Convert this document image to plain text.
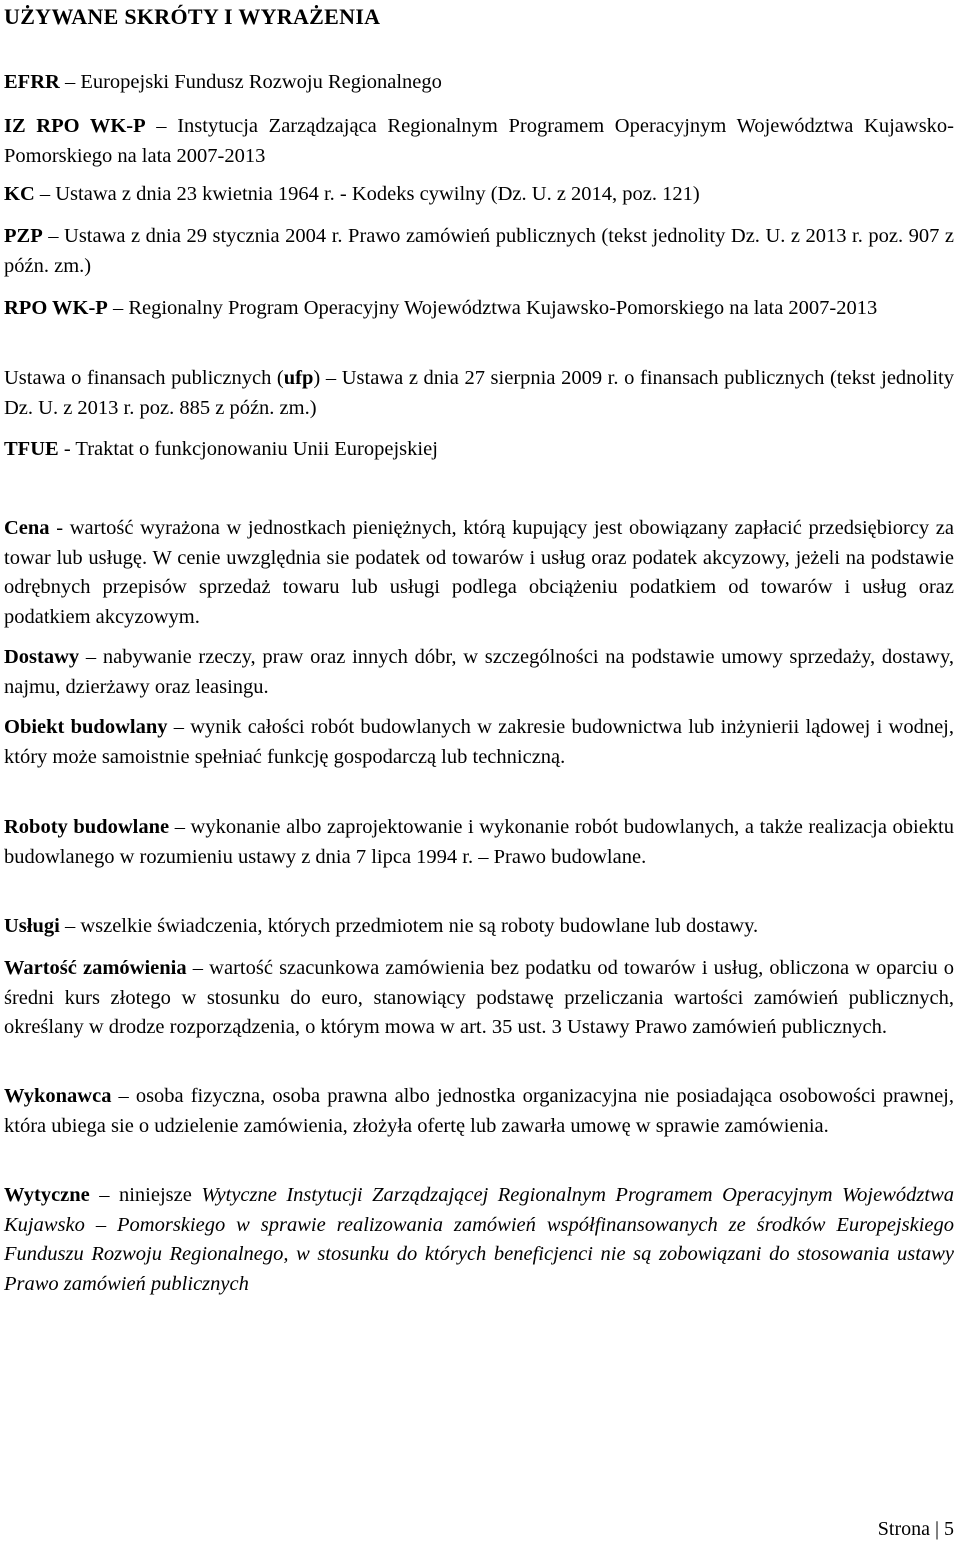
UŻYWANE SKRÓTY I WYRAŻENIA

EFRR – Europejski Fundusz Rozwoju Regionalnego

IZ RPO WK-P – Instytucja Zarządzająca Regionalnym Programem Operacyjnym Województwa Kujawsko-Pomorskiego na lata 2007-2013

KC – Ustawa z dnia 23 kwietnia 1964 r. - Kodeks cywilny (Dz. U. z 2014, poz. 121)

PZP – Ustawa z dnia 29 stycznia 2004 r. Prawo zamówień publicznych (tekst jednolity Dz. U. z 2013 r. poz. 907 z późn. zm.)

RPO WK-P – Regionalny Program Operacyjny Województwa Kujawsko-Pomorskiego na lata 2007-2013

Ustawa o finansach publicznych (ufp) – Ustawa z dnia 27 sierpnia 2009 r. o finansach publicznych (tekst jednolity Dz. U. z 2013 r. poz. 885 z późn. zm.)

TFUE - Traktat o funkcjonowaniu Unii Europejskiej

Cena - wartość wyrażona w jednostkach pieniężnych, którą kupujący jest obowiązany zapłacić przedsiębiorcy za towar lub usługę. W cenie uwzględnia sie podatek od towarów i usług oraz podatek akcyzowy, jeżeli na podstawie odrębnych przepisów sprzedaż towaru lub usługi podlega obciążeniu podatkiem od towarów i usług oraz podatkiem akcyzowym.

Dostawy – nabywanie rzeczy, praw oraz innych dóbr, w szczególności na podstawie umowy sprzedaży, dostawy, najmu, dzierżawy oraz leasingu.

Obiekt budowlany – wynik całości robót budowlanych w zakresie budownictwa lub inżynierii lądowej i wodnej, który może samoistnie spełniać funkcję gospodarczą lub techniczną.

Roboty budowlane – wykonanie albo zaprojektowanie i wykonanie robót budowlanych, a także realizacja obiektu budowlanego w rozumieniu ustawy z dnia 7 lipca 1994 r. – Prawo budowlane.

Usługi – wszelkie świadczenia, których przedmiotem nie są roboty budowlane lub dostawy.

Wartość zamówienia – wartość szacunkowa zamówienia bez podatku od towarów i usług, obliczona w oparciu o średni kurs złotego w stosunku do euro, stanowiący podstawę przeliczania wartości zamówień publicznych, określany w drodze rozporządzenia, o którym mowa w art. 35 ust. 3 Ustawy Prawo zamówień publicznych.

Wykonawca – osoba fizyczna, osoba prawna albo jednostka organizacyjna nie posiadająca osobowości prawnej, która ubiega sie o udzielenie zamówienia, złożyła ofertę lub zawarła umowę w sprawie zamówienia.

Wytyczne – niniejsze Wytyczne Instytucji Zarządzającej Regionalnym Programem Operacyjnym Województwa Kujawsko – Pomorskiego w sprawie realizowania zamówień współfinansowanych ze środków Europejskiego Funduszu Rozwoju Regionalnego, w stosunku do których beneficjenci nie są zobowiązani do stosowania ustawy Prawo zamówień publicznych

Strona | 5
